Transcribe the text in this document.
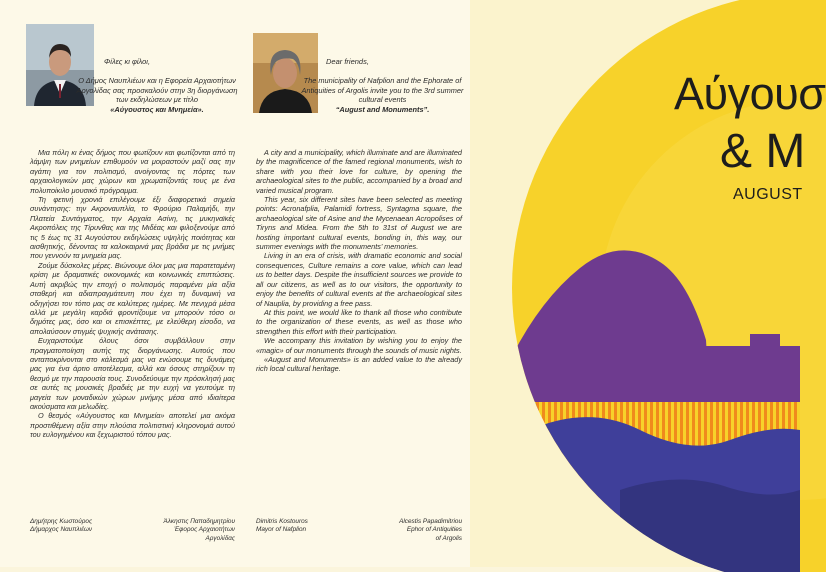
Φίλες κι φίλοι,
Ο Δήμος Ναυπλιέων και η Εφορεία Αρχαιοτήτων Αργολίδας σας προσκαλούν στην 3η διοργάνωση των εκδηλώσεων με τίτλο
«Αύγουστος και Μνημεία».

Μια πόλη κι ένας δήμος που φωτίζουν και φωτίζονται από τη λάμψη των μνημείων επιθυμούν να μοιραστούν μαζί σας την αγάπη για τον πολιτισμό, ανοίγοντας τις πόρτες των αρχαιολογικών μας χώρων και χρωματίζοντάς τους με ένα πολυποίκιλο μουσικό πρόγραμμα.

Τη φετινή χρονιά επιλέγουμε έξι διαφορετικά σημεία συνάντησης: την Ακροναυπλία, το Φρούριο Παλαμήδι, την Πλατεία Συντάγματος, την Αρχαία Ασίνη, τις μυκηναϊκές Ακροπόλεις της Τίρυνθας και της Μιδέας και φιλοξενούμε από τις 5 έως τις 31 Αυγούστου εκδηλώσεις υψηλής ποιότητας και αισθητικής, δένοντας τα καλοκαιρινά μας βράδια με τις μνήμες που γεννούν τα μνημεία μας.

Ζούμε δύσκολες μέρες. Βιώνουμε όλοι μας μια παρατεταμένη κρίση με δραματικές οικονομικές και κοινωνικές επιπτώσεις. Αυτή ακριβώς την εποχή ο πολιτισμός παραμένει μία αξία σταθερή και αδιαπραγμάτευτη που έχει τη δυναμική να οδηγήσει τον τόπο μας σε καλύτερες ημέρες. Με πενιχρά μέσα αλλά με μεγάλη καρδιά φροντίζουμε να μπορούν τόσο οι δημότες μας, όσο και οι επισκέπτες, με ελεύθερη είσοδο, να απολαύσουν στιγμές ψυχικής ανάτασης.

Ευχαριστούμε όλους όσοι συμβάλλουν στην πραγματοποίηση αυτής της διοργάνωσης. Αυτούς που ανταποκρίνονται στο κάλεσμά μας να ενώσουμε τις δυνάμεις μας για ένα άρτιο αποτέλεσμα, αλλά και όσους στηρίζουν τη θεσμό με την παρουσία τους. Συνοδεύουμε την πρόσκλησή μας σε αυτές τις μουσικές βραδιές με την ευχή να γευτούμε τη μαγεία των μοναδικών χώρων μνήμης μέσα από ιδιαίτερα ακούσματα και μελωδίες.

Ο θεσμός «Αύγουστος και Μνημεία» αποτελεί μια ακόμα προστιθέμενη αξία στην πλούσια πολιτιστική κληρονομιά αυτού του ευλογημένου και ξεχωριστού τόπου μας.

Δημήτρης Κωστούρος
Δήμαρχος Ναυπλιέων
Άλκηστις Παπαδημητρίου
Έφορος Αρχαιοτήτων
Αργολίδας
Dear friends,
The municipality of Nafplion and the Ephorate of Antiquities of Argolis invite you to the 3rd summer cultural events
“August and Monuments”.

A city and a municipality, which illuminate and are illuminated by the magnificence of the famed regional monuments, wish to share with you their love for culture, by opening the archaeological sites to the public, accompanied by a broad and varied musical program.

This year, six different sites have been selected as meeting points: Acronafplia, Palamidi fortress, Syntagma square, the archaeological site of Asine and the Mycenaean Acropolises of Tiryns and Midea. From the 5th to 31st of August we are hosting important cultural events, bonding in, this way, our summer evenings with the monuments’ memories.

Living in an era of crisis, with dramatic economic and social consequences, Culture remains a core value, which can lead us to better days. Despite the insufficient sources we provide to all our citizens, as well as to our visitors, the opportunity to enjoy the benefits of cultural events at the archaeological sites of Nauplia, by providing a free pass.

At this point, we would like to thank all those who contribute to the organization of these events, as well as those who strengthen this effort with their participation.

We accompany this invitation by wishing you to enjoy the «magic» of our monuments through the sounds of music nights.

«August and Monuments» is an added value to the already rich local cultural heritage.

Dimitris Kostouros
Mayor of Nafplion
Alcestis Papadimitriou
Ephor of Antiquities
of Argolis
Αύγουσ
& M
AUGUST
